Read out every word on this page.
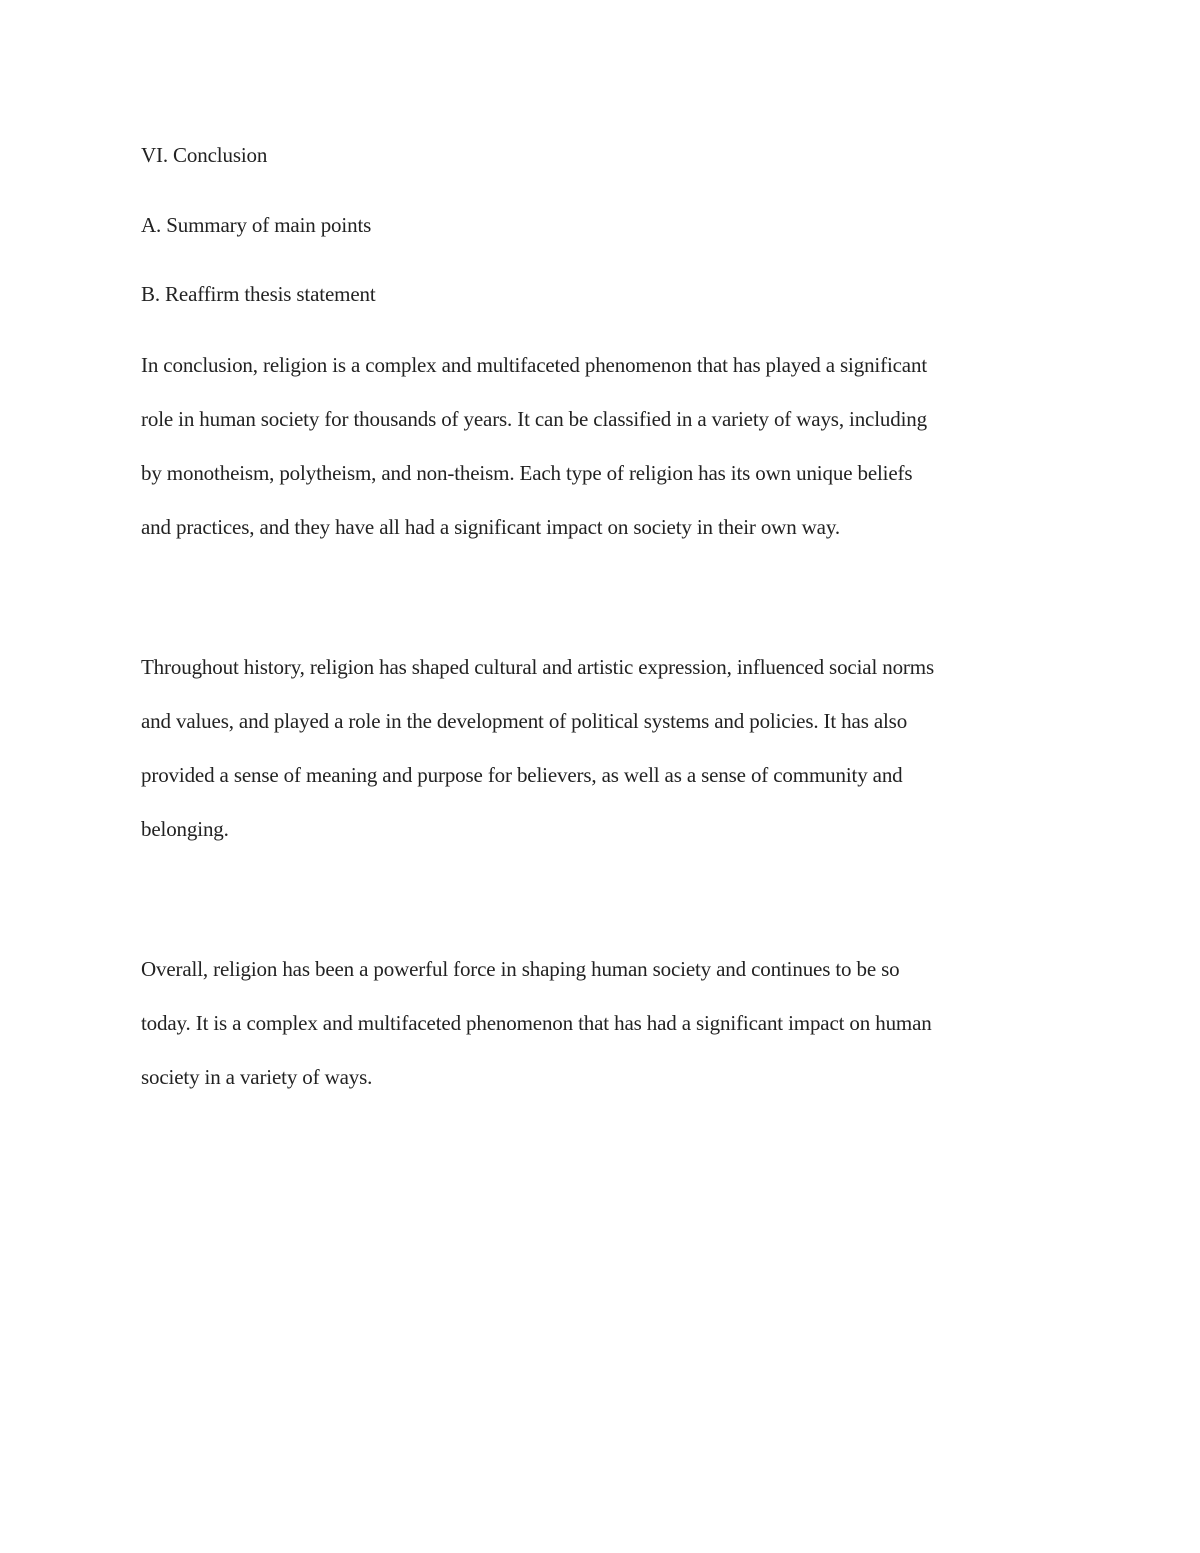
VI. Conclusion
A. Summary of main points
B. Reaffirm thesis statement
In conclusion, religion is a complex and multifaceted phenomenon that has played a significant
role in human society for thousands of years. It can be classified in a variety of ways, including
by monotheism, polytheism, and non-theism. Each type of religion has its own unique beliefs
and practices, and they have all had a significant impact on society in their own way.
Throughout history, religion has shaped cultural and artistic expression, influenced social norms
and values, and played a role in the development of political systems and policies. It has also
provided a sense of meaning and purpose for believers, as well as a sense of community and
belonging.
Overall, religion has been a powerful force in shaping human society and continues to be so
today. It is a complex and multifaceted phenomenon that has had a significant impact on human
society in a variety of ways.
